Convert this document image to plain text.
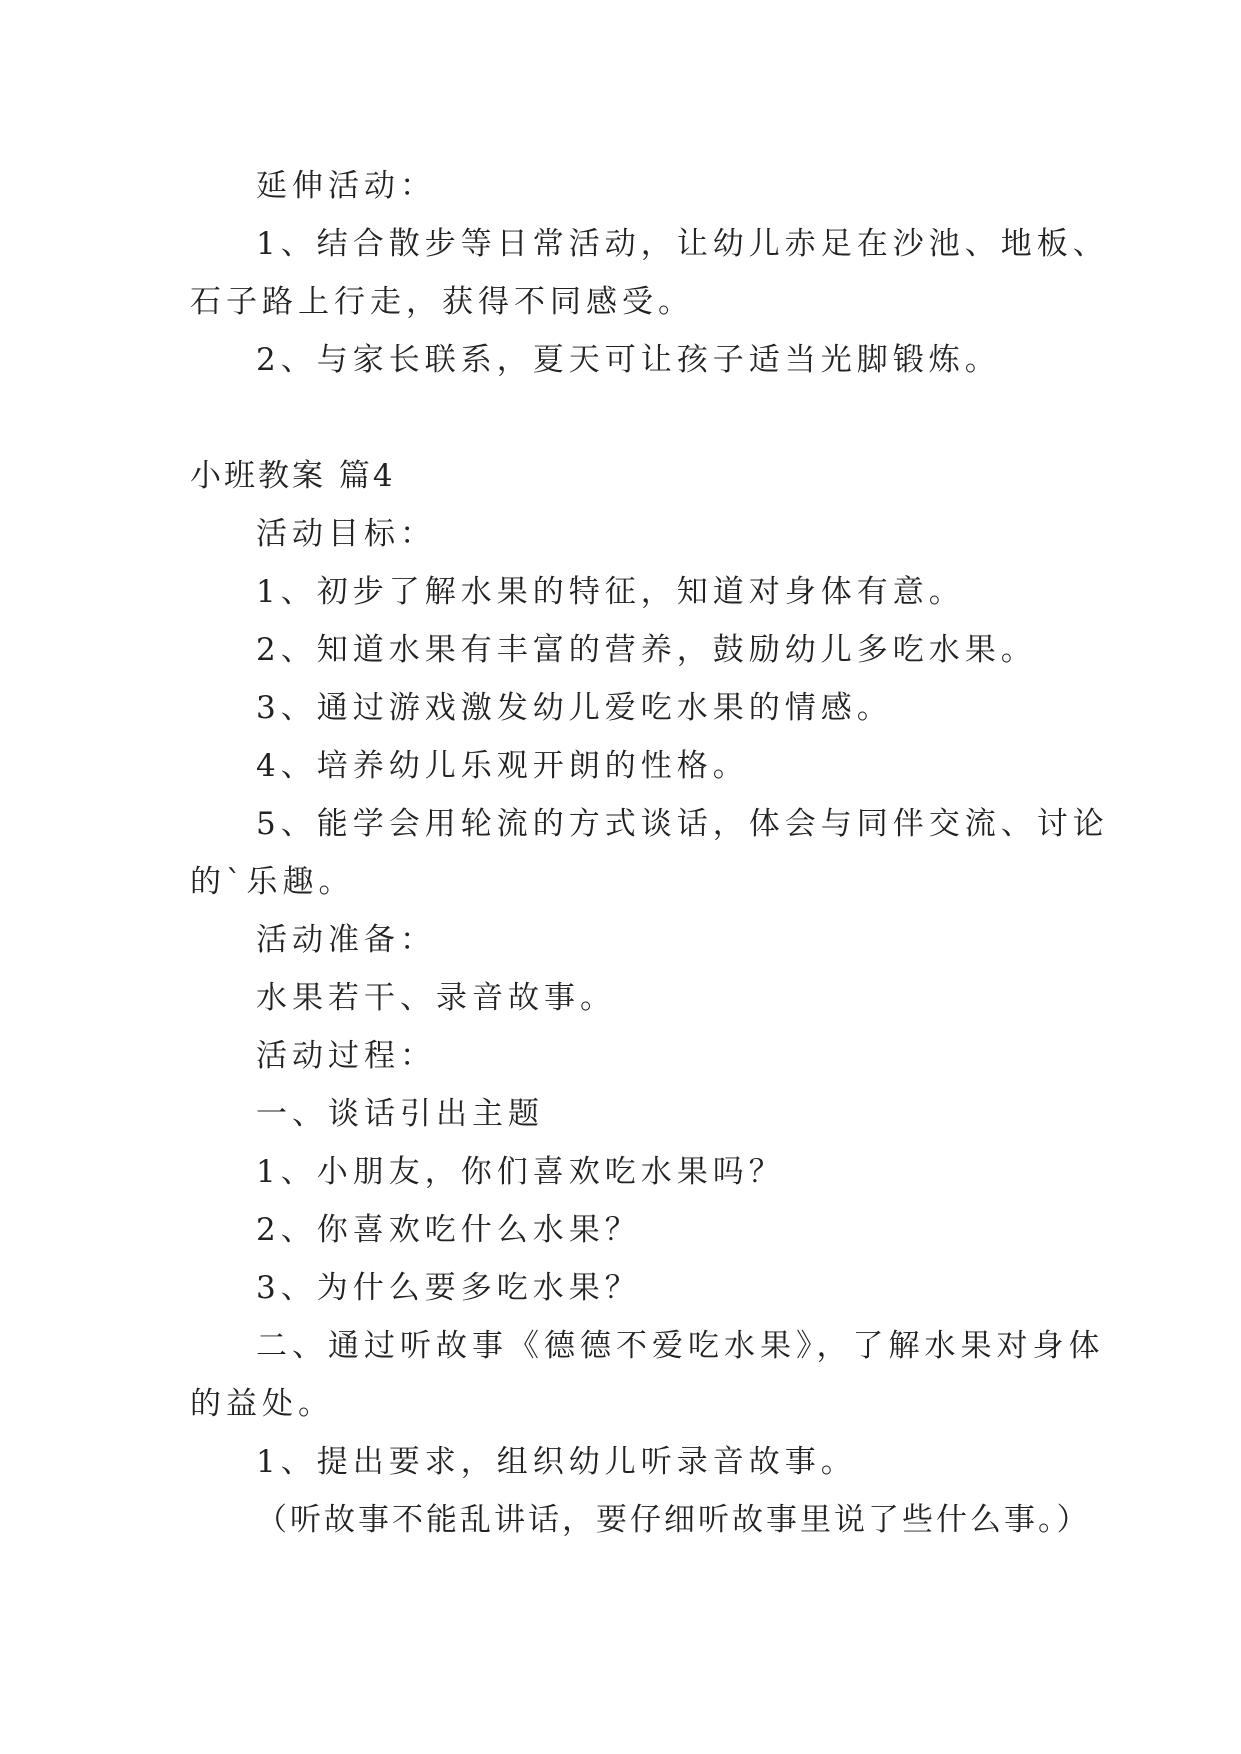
延伸活动：
1、结合散步等日常活动，让幼儿赤足在沙池、地板、
石子路上行走，获得不同感受。
2、与家长联系，夏天可让孩子适当光脚锻炼。
小班教案 篇4
活动目标：
1、初步了解水果的特征，知道对身体有意。
2、知道水果有丰富的营养，鼓励幼儿多吃水果。
3、通过游戏激发幼儿爱吃水果的情感。
4、培养幼儿乐观开朗的性格。
5、能学会用轮流的方式谈话，体会与同伴交流、讨论
的`乐趣。
活动准备：
水果若干、录音故事。
活动过程：
一、谈话引出主题
1、小朋友，你们喜欢吃水果吗？
2、你喜欢吃什么水果？
3、为什么要多吃水果？
二、通过听故事《德德不爱吃水果》，了解水果对身体
的益处。
1、提出要求，组织幼儿听录音故事。
（听故事不能乱讲话，要仔细听故事里说了些什么事。）
